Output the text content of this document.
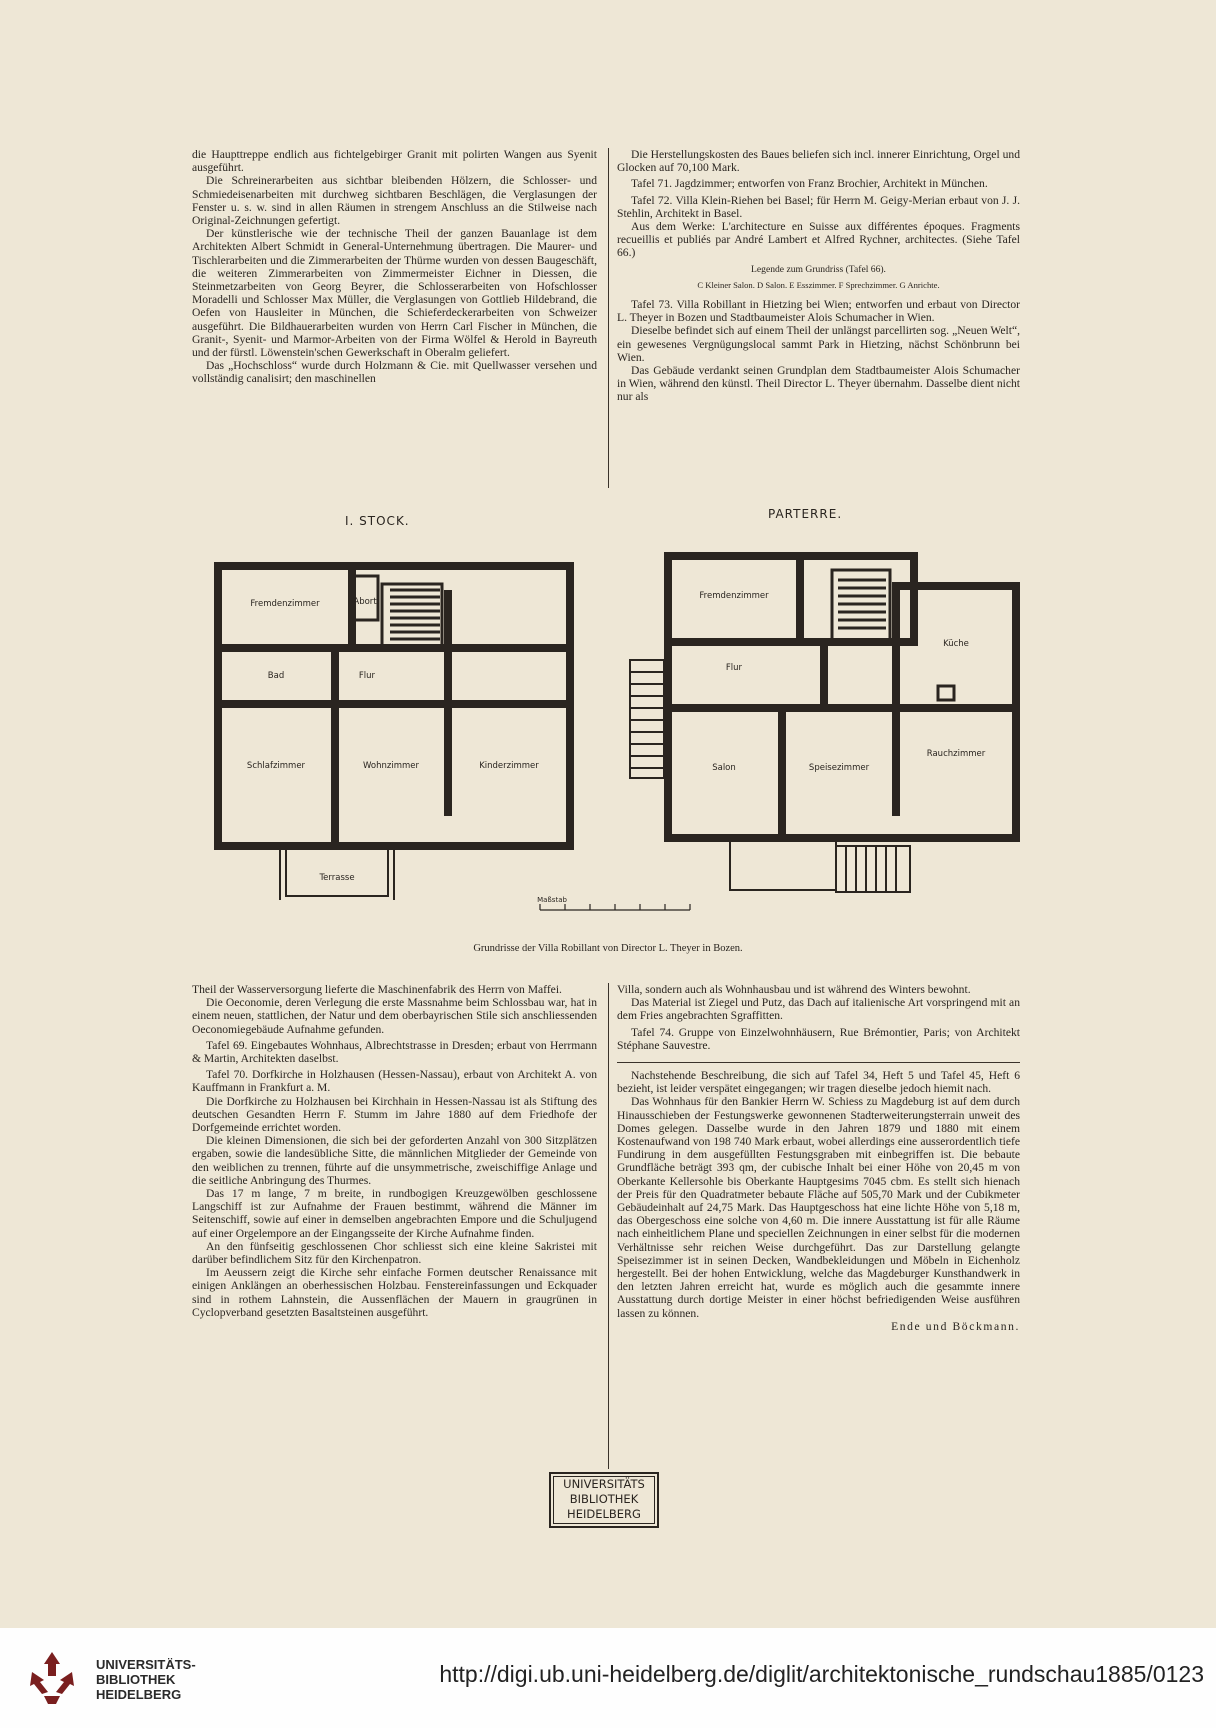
die Haupttreppe endlich aus fichtelgebirger Granit mit polirten Wangen aus Syenit ausgeführt.

Die Schreinerarbeiten aus sichtbar bleibenden Hölzern, die Schlosser- und Schmiedeisenarbeiten mit durchweg sichtbaren Beschlägen, die Verglasungen der Fenster u. s. w. sind in allen Räumen in strengem Anschluss an die Stilweise nach Original-Zeichnungen gefertigt.

Der künstlerische wie der technische Theil der ganzen Bauanlage ist dem Architekten Albert Schmidt in General-Unternehmung übertragen. Die Maurer- und Tischlerarbeiten und die Zimmerarbeiten der Thürme wurden von dessen Baugeschäft, die weiteren Zimmerarbeiten von Zimmermeister Eichner in Diessen, die Steinmetzarbeiten von Georg Beyrer, die Schlosserarbeiten von Hofschlosser Moradelli und Schlosser Max Müller, die Verglasungen von Gottlieb Hildebrand, die Oefen von Hausleiter in München, die Schieferdeckerarbeiten von Schweizer ausgeführt. Die Bildhauerarbeiten wurden von Herrn Carl Fischer in München, die Granit-, Syenit- und Marmor-Arbeiten von der Firma Wölfel & Herold in Bayreuth und der fürstl. Löwenstein'schen Gewerkschaft in Oberalm geliefert.

Das „Hochschloss“ wurde durch Holzmann & Cie. mit Quellwasser versehen und vollständig canalisirt; den maschinellen

Die Herstellungskosten des Baues beliefen sich incl. innerer Einrichtung, Orgel und Glocken auf 70,100 Mark.

Tafel 71. Jagdzimmer; entworfen von Franz Brochier, Architekt in München.

Tafel 72. Villa Klein-Riehen bei Basel; für Herrn M. Geigy-Merian erbaut von J. J. Stehlin, Architekt in Basel.

Aus dem Werke: L'architecture en Suisse aux différentes époques. Fragments recueillis et publiés par André Lambert et Alfred Rychner, architectes. (Siehe Tafel 66.)

Legende zum Grundriss (Tafel 66).

C Kleiner Salon. D Salon. E Esszimmer. F Sprechzimmer. G Anrichte.

Tafel 73. Villa Robillant in Hietzing bei Wien; entworfen und erbaut von Director L. Theyer in Bozen und Stadtbaumeister Alois Schumacher in Wien.

Dieselbe befindet sich auf einem Theil der unlängst parcellirten sog. „Neuen Welt“, ein gewesenes Vergnügungslocal sammt Park in Hietzing, nächst Schönbrunn bei Wien.

Das Gebäude verdankt seinen Grundplan dem Stadtbaumeister Alois Schumacher in Wien, während den künstl. Theil Director L. Theyer übernahm. Dasselbe dient nicht nur als

I. STOCK.	PARTERRE.
Fremdenzimmer	Abort
Arbeitszimmer
Bad	Flur
Schlafzimmer	Wohnzimmer	Kinderzimmer
Terrasse
Fremdenzimmer
Flur
Küche
Salon	Speisezimmer
Rauchzimmer
Maßstab
Grundrisse der Villa Robillant von Director L. Theyer in Bozen.

Theil der Wasserversorgung lieferte die Maschinenfabrik des Herrn von Maffei.

Die Oeconomie, deren Verlegung die erste Massnahme beim Schlossbau war, hat in einem neuen, stattlichen, der Natur und dem oberbayrischen Stile sich anschliessenden Oeconomiegebäude Aufnahme gefunden.

Tafel 69. Eingebautes Wohnhaus, Albrechtstrasse in Dresden; erbaut von Herrmann & Martin, Architekten daselbst.

Tafel 70. Dorfkirche in Holzhausen (Hessen-Nassau), erbaut von Architekt A. von Kauffmann in Frankfurt a. M.

Die Dorfkirche zu Holzhausen bei Kirchhain in Hessen-Nassau ist als Stiftung des deutschen Gesandten Herrn F. Stumm im Jahre 1880 auf dem Friedhofe der Dorfgemeinde errichtet worden.

Die kleinen Dimensionen, die sich bei der geforderten Anzahl von 300 Sitzplätzen ergaben, sowie die landesübliche Sitte, die männlichen Mitglieder der Gemeinde von den weiblichen zu trennen, führte auf die unsymmetrische, zweischiffige Anlage und die seitliche Anbringung des Thurmes.

Das 17 m lange, 7 m breite, in rundbogigen Kreuzgewölben geschlossene Langschiff ist zur Aufnahme der Frauen bestimmt, während die Männer im Seitenschiff, sowie auf einer in demselben angebrachten Empore und die Schuljugend auf einer Orgelempore an der Eingangsseite der Kirche Aufnahme finden.

An den fünfseitig geschlossenen Chor schliesst sich eine kleine Sakristei mit darüber befindlichem Sitz für den Kirchenpatron.

Im Aeussern zeigt die Kirche sehr einfache Formen deutscher Renaissance mit einigen Anklängen an oberhessischen Holzbau. Fenstereinfassungen und Eckquader sind in rothem Lahnstein, die Aussenflächen der Mauern in graugrünen in Cyclopverband gesetzten Basaltsteinen ausgeführt.

Villa, sondern auch als Wohnhausbau und ist während des Winters bewohnt.

Das Material ist Ziegel und Putz, das Dach auf italienische Art vorspringend mit an dem Fries angebrachten Sgraffitten.

Tafel 74. Gruppe von Einzelwohnhäusern, Rue Brémontier, Paris; von Architekt Stéphane Sauvestre.

Nachstehende Beschreibung, die sich auf Tafel 34, Heft 5 und Tafel 45, Heft 6 bezieht, ist leider verspätet eingegangen; wir tragen dieselbe jedoch hiemit nach.

Das Wohnhaus für den Bankier Herrn W. Schiess zu Magdeburg ist auf dem durch Hinausschieben der Festungswerke gewonnenen Stadterweiterungsterrain unweit des Domes gelegen. Dasselbe wurde in den Jahren 1879 und 1880 mit einem Kostenaufwand von 198 740 Mark erbaut, wobei allerdings eine ausserordentlich tiefe Fundirung in dem ausgefüllten Festungsgraben mit einbegriffen ist. Die bebaute Grundfläche beträgt 393 qm, der cubische Inhalt bei einer Höhe von 20,45 m von Oberkante Kellersohle bis Oberkante Hauptgesims 7045 cbm. Es stellt sich hienach der Preis für den Quadratmeter bebaute Fläche auf 505,70 Mark und der Cubikmeter Gebäudeinhalt auf 24,75 Mark. Das Hauptgeschoss hat eine lichte Höhe von 5,18 m, das Obergeschoss eine solche von 4,60 m. Die innere Ausstattung ist für alle Räume nach einheitlichem Plane und speciellen Zeichnungen in einer selbst für die modernen Verhältnisse sehr reichen Weise durchgeführt. Das zur Darstellung gelangte Speisezimmer ist in seinen Decken, Wandbekleidungen und Möbeln in Eichenholz hergestellt. Bei der hohen Entwicklung, welche das Magdeburger Kunsthandwerk in den letzten Jahren erreicht hat, wurde es möglich auch die gesammte innere Ausstattung durch dortige Meister in einer höchst befriedigenden Weise ausführen lassen zu können.

Ende und Böckmann.

UNIVERSITÄTS
BIBLIOTHEK
HEIDELBERG
UNIVERSITÄTS-
BIBLIOTHEK
HEIDELBERG
http://digi.ub.uni-heidelberg.de/diglit/architektonische_rundschau1885/0123
